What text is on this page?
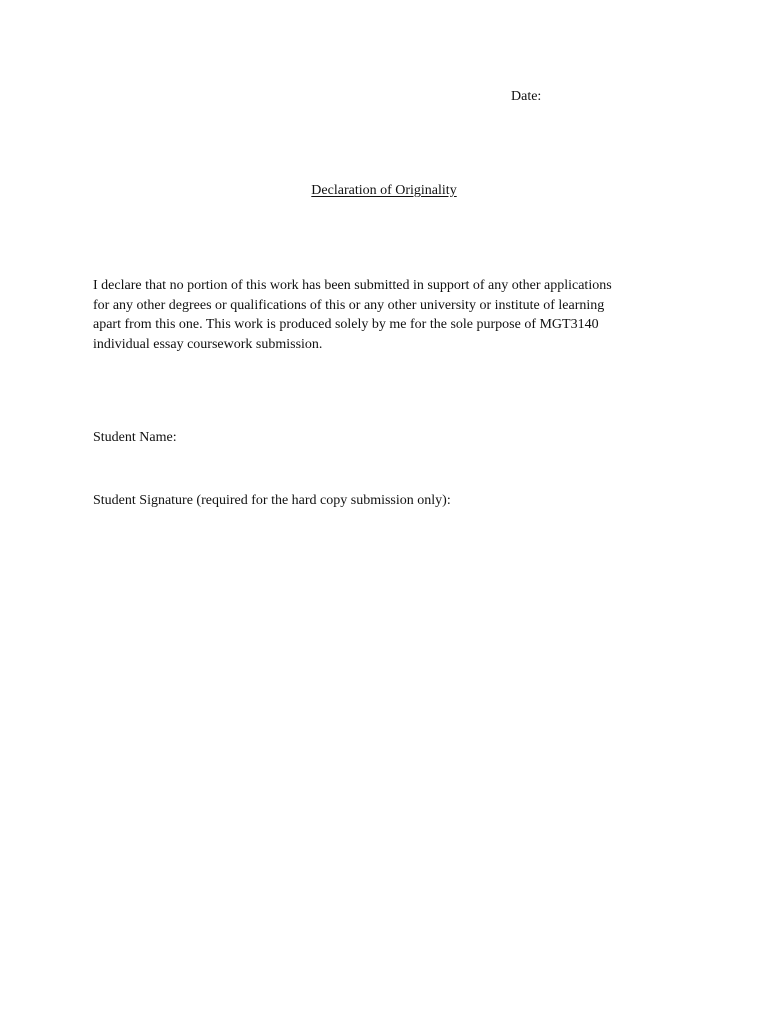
Date:
Declaration of Originality
I declare that no portion of this work has been submitted in support of any other applications
for any other degrees or qualifications of this or any other university or institute of learning
apart from this one. This work is produced solely by me for the sole purpose of MGT3140
individual essay coursework submission.
Student Name:
Student Signature (required for the hard copy submission only):
